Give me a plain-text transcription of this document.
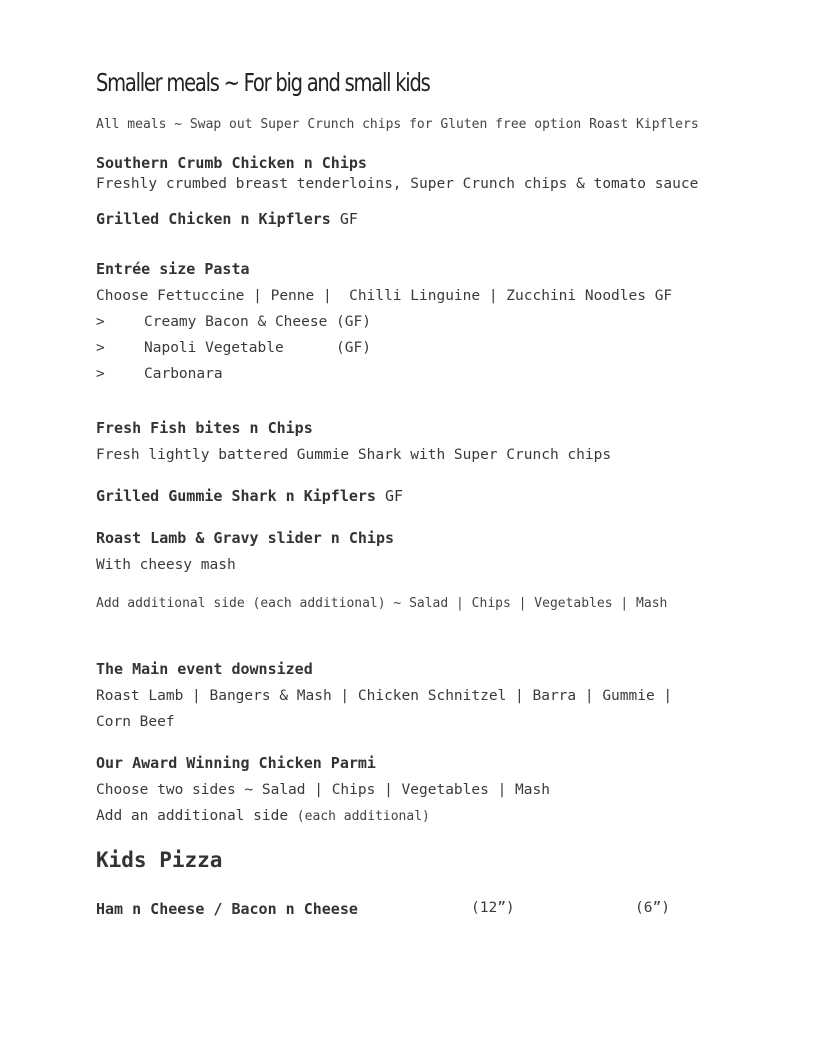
Smaller meals ~ For big and small kids
All meals ~ Swap out Super Crunch chips for Gluten free option Roast Kipflers
Southern Crumb Chicken n Chips
Freshly crumbed breast tenderloins, Super Crunch chips & tomato sauce
Grilled Chicken n Kipflers GF
Entrée size Pasta
Choose Fettuccine | Penne |  Chilli Linguine | Zucchini Noodles GF
>	Creamy Bacon & Cheese (GF)
>	Napoli Vegetable      (GF)
>	Carbonara
Fresh Fish bites n Chips
Fresh lightly battered Gummie Shark with Super Crunch chips
Grilled Gummie Shark n Kipflers GF
Roast Lamb & Gravy slider n Chips
With cheesy mash
Add additional side (each additional) ~ Salad | Chips | Vegetables | Mash
The Main event downsized
Roast Lamb | Bangers & Mash | Chicken Schnitzel | Barra | Gummie |
Corn Beef
Our Award Winning Chicken Parmi
Choose two sides ~ Salad | Chips | Vegetables | Mash
Add an additional side (each additional)
Kids Pizza
Ham n Cheese / Bacon n Cheese	(12”)	(6”)
